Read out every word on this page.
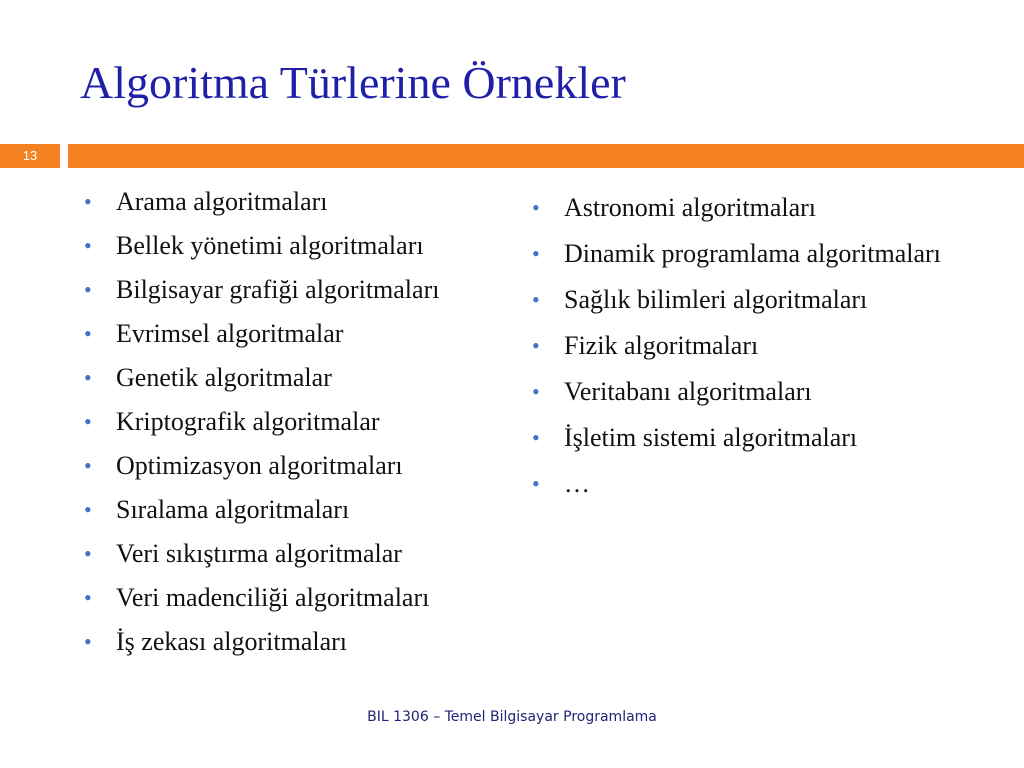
Algoritma Türlerine Örnekler
13
• Arama algoritmaları
• Bellek yönetimi algoritmaları
• Bilgisayar grafiği algoritmaları
• Evrimsel algoritmalar
• Genetik algoritmalar
• Kriptografik algoritmalar
• Optimizasyon algoritmaları
• Sıralama algoritmaları
• Veri sıkıştırma algoritmalar
• Veri madenciliği algoritmaları
• İş zekası algoritmaları
• Astronomi algoritmaları
• Dinamik programlama algoritmaları
• Sağlık bilimleri algoritmaları
• Fizik algoritmaları
• Veritabanı algoritmaları
• İşletim sistemi algoritmaları
• …
BIL 1306 – Temel Bilgisayar Programlama
